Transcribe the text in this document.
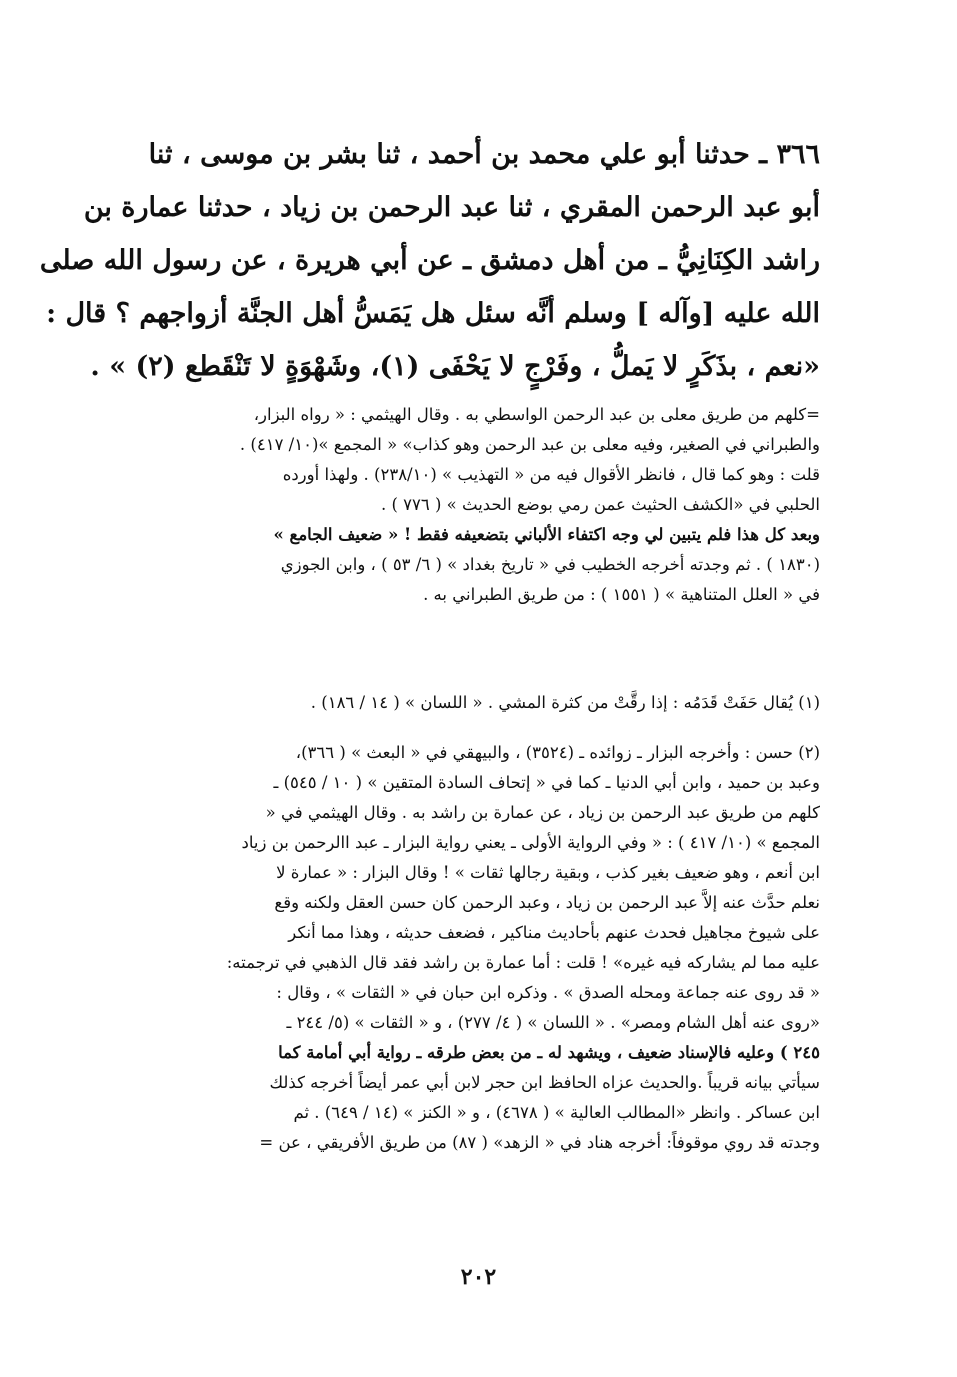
٣٦٦ ـ حدثنا أبو علي محمد بن أحمد ، ثنا بشر بن موسى ، ثنا
أبو عبد الرحمن المقري ، ثنا عبد الرحمن بن زياد ، حدثنا عمارة بن
راشد الكِنَانِيُّ ـ من أهل دمشق ـ عن أبي هريرة ، عن رسول الله صلى
الله عليه [وآله ] وسلم أنَّه سئل هل يَمَسُّ أهل الجنَّة أزواجهم ؟ قال :
«نعم ، بذَكَرٍ لا يَملُّ ، وفَرْجٍ لا يَحْفَى (١)، وشَهْوَةٍ لا تَنْقَطع (٢) » .
=كلهم من طريق معلى بن عبد الرحمن الواسطي به . وقال الهيثمي : « رواه البزار،
والطبراني في الصغير، وفيه معلى بن عبد الرحمن وهو كذاب» « المجمع »(١٠/ ٤١٧) .
قلت : وهو كما قال ، فانظر الأقوال فيه من « التهذيب » (٢٣٨/١٠) . ولهذا أورده
الحلبي في «الكشف الحثيث عمن رمي بوضع الحديث » ( ٧٧٦ ) .
وبعد كل هذا فلم يتبين لي وجه اكتفاء الألباني بتضعيفه فقط ! « ضعيف الجامع »
(١٨٣٠ ) . ثم وجدته أخرجه الخطيب في « تاريخ بغداد » ( ٦/ ٥٣ ) ، وابن الجوزي
في « العلل المتناهية » ( ١٥٥١ ) : من طريق الطبراني به .
(١) يُقال حَفَتْ قَدَمُه : إذا رقَّتْ من كثرة المشي . « اللسان » ( ١٤ / ١٨٦) .
(٢) حسن : وأخرجه البزار ـ زوائده ـ (٣٥٢٤) ، والبيهقي في « البعث » ( ٣٦٦)،
وعبد بن حميد ، وابن أبي الدنيا ـ كما في « إتحاف السادة المتقين » ( ١٠ / ٥٤٥) ـ
كلهم من طريق عبد الرحمن بن زياد ، عن عمارة بن راشد به . وقال الهيثمي في «
المجمع » (١٠/ ٤١٧ ) : « وفي الرواية الأولى ـ يعني رواية البزار ـ عبد االرحمن بن زياد
ابن أنعم ، وهو ضعيف بغير كذب ، وبقية رجالها ثقات » ! وقال البزار : « عمارة لا
نعلم حدَّث عنه إلاَّ عبد الرحمن بن زياد ، وعبد الرحمن كان حسن العقل ولكنه وقع
على شيوخ مجاهيل فحدث عنهم بأحاديث مناكير ، فضعف حديثه ، وهذا مما أنكر
عليه مما لم يشاركه فيه غيره» ! قلت : أما عمارة بن راشد فقد قال الذهبي في ترجمته:
« قد روى عنه جماعة ومحله الصدق » . وذكره ابن حبان في « الثقات » ، وقال :
«روى عنه أهل الشام ومصر» . « اللسان » ( ٤/ ٢٧٧) ، و « الثقات » (٥/ ٢٤٤ ـ
٢٤٥ ) وعليه فالإسناد ضعيف ، ويشهد له ـ من بعض طرقه ـ رواية أبي أمامة كما
سيأتي بيانه قريباً .والحديث عزاه الحافظ ابن حجر لابن أبي عمر أيضاً أخرجه كذلك
ابن عساكر . وانظر «المطالب العالية » ( ٤٦٧٨) ، و « الكنز » (١٤ / ٦٤٩) . ثم
وجدته قد روي موقوفاً: أخرجه هناد في « الزهد» ( ٨٧) من طريق الأفريقي ، عن =
٢٠٢
